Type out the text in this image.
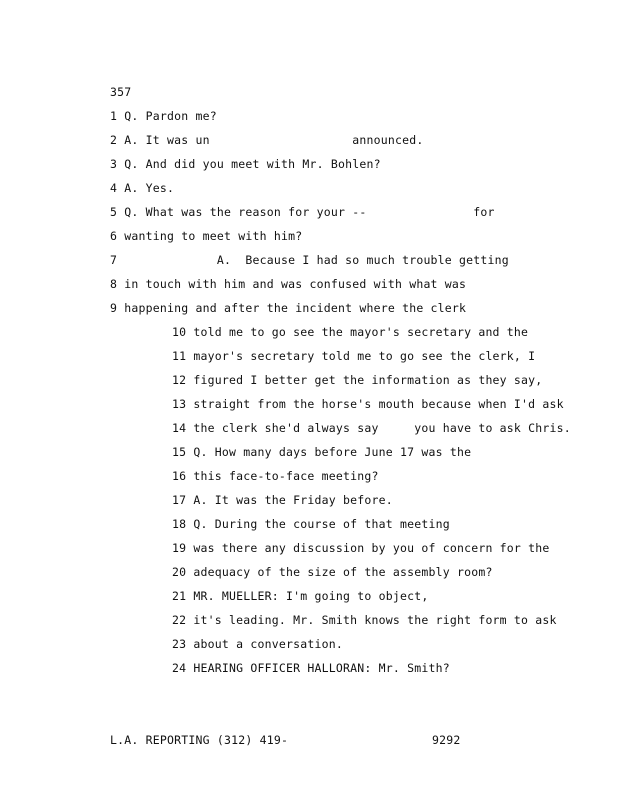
357
1 Q. Pardon me?
2 A. It was un                    announced.
3 Q. And did you meet with Mr. Bohlen?
4 A. Yes.
5 Q. What was the reason for your --               for
6 wanting to meet with him?
7              A.  Because I had so much trouble getting
8 in touch with him and was confused with what was
9 happening and after the incident where the clerk
10 told me to go see the mayor's secretary and the
11 mayor's secretary told me to go see the clerk, I
12 figured I better get the information as they say,
13 straight from the horse's mouth because when I'd ask
14 the clerk she'd always say     you have to ask Chris.
15 Q. How many days before June 17 was the
16 this face-to-face meeting?
17 A. It was the Friday before.
18 Q. During the course of that meeting
19 was there any discussion by you of concern for the
20 adequacy of the size of the assembly room?
21 MR. MUELLER: I'm going to object,
22 it's leading. Mr. Smith knows the right form to ask
23 about a conversation.
24 HEARING OFFICER HALLORAN: Mr. Smith?
L.A. REPORTING (312) 419-	9292
